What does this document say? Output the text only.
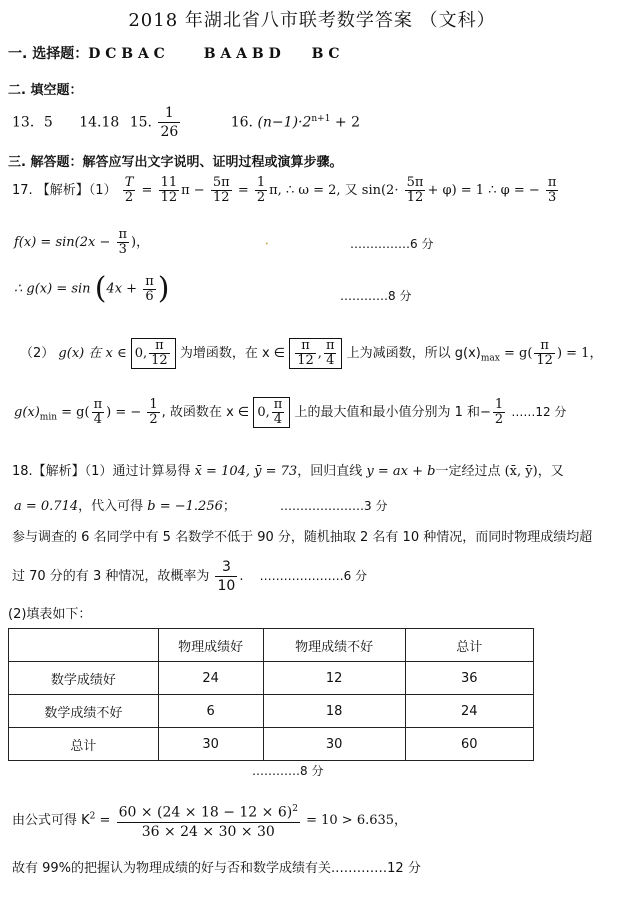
2018 年湖北省八市联考数学答案 （文科）
一. 选择题：D C B A C	B A A B D B C
二. 填空题：
13．5 14.18 15. $\frac{1}{26}$	16. $(n-1)\cdot 2^{n+1} + 2$
三. 解答题：解答应写出文字说明、证明过程或演算步骤。
17. 【解析】$(1) \frac{T}{2} = \frac{11}{12}$ $\pi - \frac{5\pi}{12} = \frac{1}{2} \pi$, ∴ ω = 2, 又 $\sin(2\cdot \frac{5\pi}{12} + \varphi) = 1$ ∴ φ = − $\frac{\pi}{3}$
$f(x) = \sin(2x - \frac{\pi}{3}$ )，	•	……………6 分
∴ $g(x) = \sin (4x + \frac{\pi}{6}$ )	…………8 分
（2） g(x) 在 x ∈ 0, $\frac{\pi}{12}$ 为增函数，在 x ∈ $\frac{\pi}{12}$ , $\frac{\pi}{4}$ 上为减函数，所以 $g(x)_{max} = g( \frac{\pi}{12}$ ) = 1，
$g(x)_{min} = g( \frac{\pi}{4}$ ) = − $\frac{1}{2}$ , 故函数在 x ∈ 0, $\frac{\pi}{4}$ 上的最大值和最小值分别为 1 和− $\frac{1}{2}$ ……12 分
18.【解析】（1）通过计算易得 x̄ = 104, ȳ = 73，回归直线 y = ax + b一定经过点 (x̄, ȳ)，又
a = 0.714，代入可得 b = −1.256；	…………………3 分
参与调查的 6 名同学中有 5 名数学不低于 90 分，随机抽取 2 名有 10 种情况，而同时物理成绩均超
过 70 分的有 3 种情况，故概率为 $\frac{3}{10}$ . …………………6 分
(2)填表如下：
	物理成绩好	物理成绩不好	总计
数学成绩好	24	12	36
数学成绩不好	6	18	24
总计	30	30	60
…………8 分
由公式可得 $K^2 = \frac{60 \times (24 \times 18 - 12 \times 6)^2}{36 \times 24 \times 30 \times 30} = 10 > 6.635$，
故有 99%的把握认为物理成绩的好与否和数学成绩有关.…………12 分
